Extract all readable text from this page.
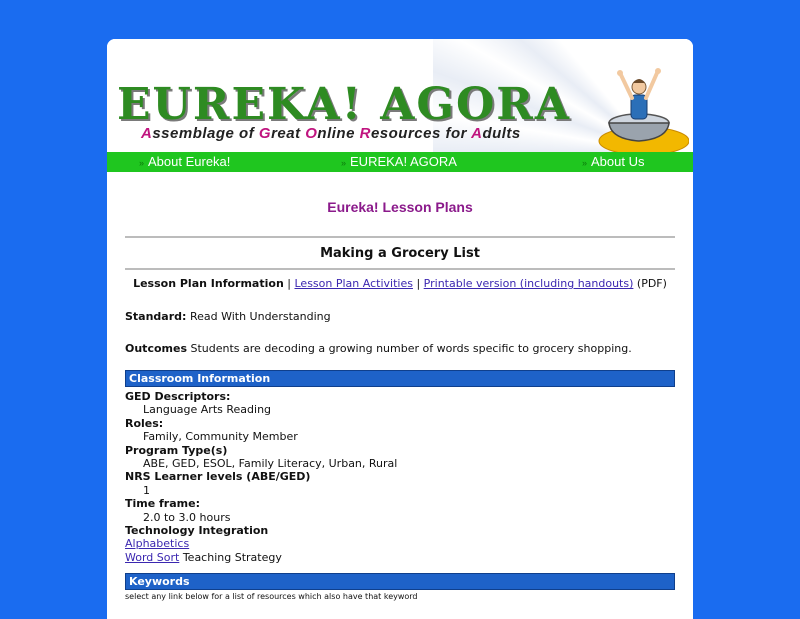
EUREKA! AGORA
Assemblage of Great Online Resources for Adults
» About Eureka!	» EUREKA! AGORA	» About Us
Eureka! Lesson Plans
Making a Grocery List
Lesson Plan Information | Lesson Plan Activities | Printable version (including handouts) (PDF)
Standard: Read With Understanding
Outcomes Students are decoding a growing number of words specific to grocery shopping.
Classroom Information
GED Descriptors:
Language Arts Reading
Roles:
Family, Community Member
Program Type(s)
ABE, GED, ESOL, Family Literacy, Urban, Rural
NRS Learner levels (ABE/GED)
1
Time frame:
2.0 to 3.0 hours
Technology Integration
Alphabetics
Word Sort Teaching Strategy
Keywords
select any link below for a list of resources which also have that keyword
